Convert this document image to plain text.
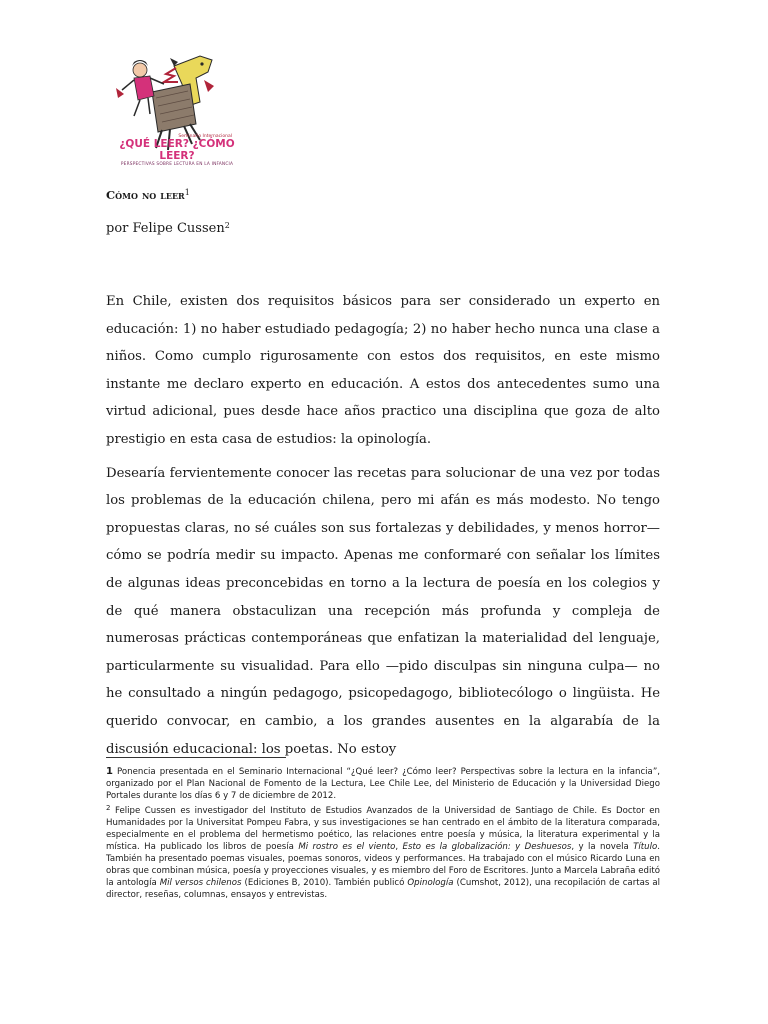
Seminario Internacional
¿QUÉ LEER? ¿CÓMO LEER?
PERSPECTIVAS SOBRE LECTURA EN LA INFANCIA
Cómo no leer$^1$
por Felipe Cussen$^2$

En Chile, existen dos requisitos básicos para ser considerado un experto en educación: 1) no haber estudiado pedagogía; 2) no haber hecho nunca una clase a niños. Como cumplo rigurosamente con estos dos requisitos, en este mismo instante me declaro experto en educación. A estos dos antecedentes sumo una virtud adicional, pues desde hace años practico una disciplina que goza de alto prestigio en esta casa de estudios: la opinología.

Desearía fervientemente conocer las recetas para solucionar de una vez por todas los problemas de la educación chilena, pero mi afán es más modesto. No tengo propuestas claras, no sé cuáles son sus fortalezas y debilidades, y menos horror— cómo se podría medir su impacto. Apenas me conformaré con señalar los límites de algunas ideas preconcebidas en torno a la lectura de poesía en los colegios y de qué manera obstaculizan una recepción más profunda y compleja de numerosas prácticas contemporáneas que enfatizan la materialidad del lenguaje, particularmente su visualidad. Para ello —pido disculpas sin ninguna culpa— no he consultado a ningún pedagogo, psicopedagogo, bibliotecólogo o lingüista. He querido convocar, en cambio, a los grandes ausentes en la algarabía de la discusión educacional: los poetas. No estoy

1 Ponencia presentada en el Seminario Internacional “¿Qué leer? ¿Cómo leer? Perspectivas sobre la lectura en la infancia”, organizado por el Plan Nacional de Fomento de la Lectura, Lee Chile Lee, del Ministerio de Educación y la Universidad Diego Portales durante los días 6 y 7 de diciembre de 2012.

$^2$ Felipe Cussen es investigador del Instituto de Estudios Avanzados de la Universidad de Santiago de Chile. Es Doctor en Humanidades por la Universitat Pompeu Fabra, y sus investigaciones se han centrado en el ámbito de la literatura comparada, especialmente en el problema del hermetismo poético, las relaciones entre poesía y música, la literatura experimental y la mística. Ha publicado los libros de poesía Mi rostro es el viento, Esto es la globalización: y Deshuesos, y la novela Título. También ha presentado poemas visuales, poemas sonoros, videos y performances. Ha trabajado con el músico Ricardo Luna en obras que combinan música, poesía y proyecciones visuales, y es miembro del Foro de Escritores. Junto a Marcela Labraña editó la antología Mil versos chilenos (Ediciones B, 2010). También publicó Opinología (Cumshot, 2012), una recopilación de cartas al director, reseñas, columnas, ensayos y entrevistas.
